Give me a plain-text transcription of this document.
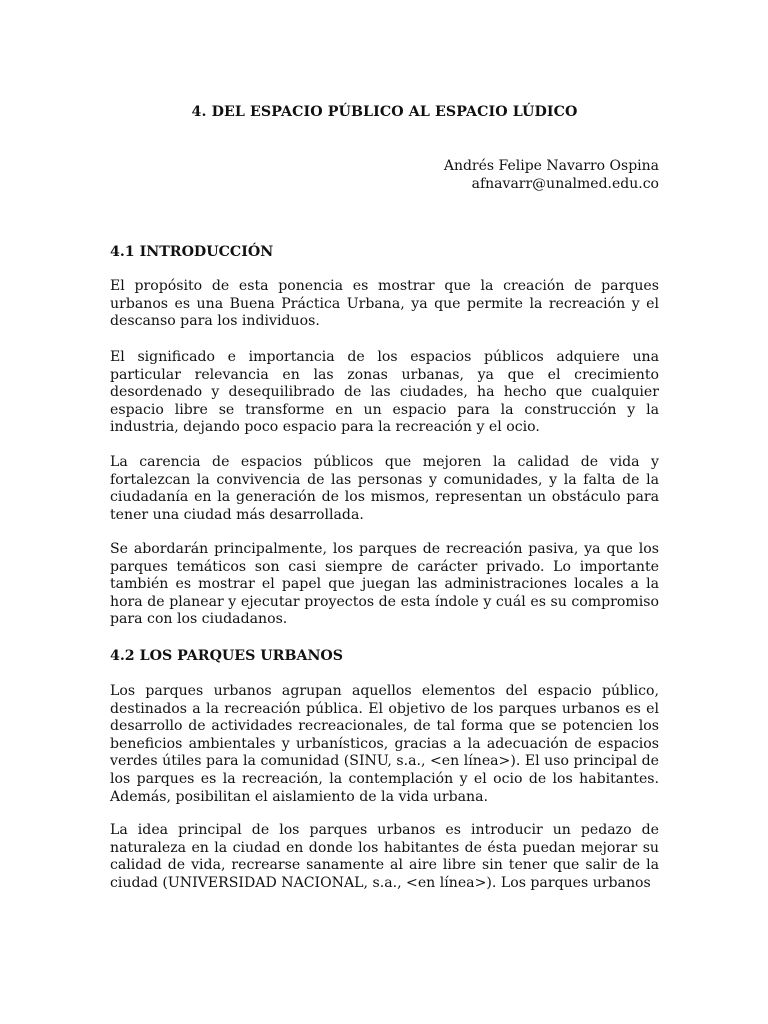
4. DEL ESPACIO PÚBLICO AL ESPACIO LÚDICO
Andrés Felipe Navarro Ospina
afnavarr@unalmed.edu.co
4.1 INTRODUCCIÓN

El propósito de esta ponencia es mostrar que la creación de parques urbanos es una Buena Práctica Urbana, ya que permite la recreación y el descanso para los individuos.

El significado e importancia de los espacios públicos adquiere una particular relevancia en las zonas urbanas, ya que el crecimiento desordenado y desequilibrado de las ciudades, ha hecho que cualquier espacio libre se transforme en un espacio para la construcción y la industria, dejando poco espacio para la recreación y el ocio.

La carencia de espacios públicos que mejoren la calidad de vida y fortalezcan la convivencia de las personas y comunidades, y la falta de la ciudadanía en la generación de los mismos, representan un obstáculo para tener una ciudad más desarrollada.

Se abordarán principalmente, los parques de recreación pasiva, ya que los parques temáticos son casi siempre de carácter privado. Lo importante también es mostrar el papel que juegan las administraciones locales a la hora de planear y ejecutar proyectos de esta índole y cuál es su compromiso para con los ciudadanos.

4.2 LOS PARQUES URBANOS

Los parques urbanos agrupan aquellos elementos del espacio público, destinados a la recreación pública. El objetivo de los parques urbanos es el desarrollo de actividades recreacionales, de tal forma que se potencien los beneficios ambientales y urbanísticos, gracias a la adecuación de espacios verdes útiles para la comunidad (SINU, s.a., <en línea>). El uso principal de los parques es la recreación, la contemplación y el ocio de los habitantes. Además, posibilitan el aislamiento de la vida urbana.

La idea principal de los parques urbanos es introducir un pedazo de naturaleza en la ciudad en donde los habitantes de ésta puedan mejorar su calidad de vida, recrearse sanamente al aire libre sin tener que salir de la ciudad (UNIVERSIDAD NACIONAL, s.a., <en línea>). Los parques urbanos
